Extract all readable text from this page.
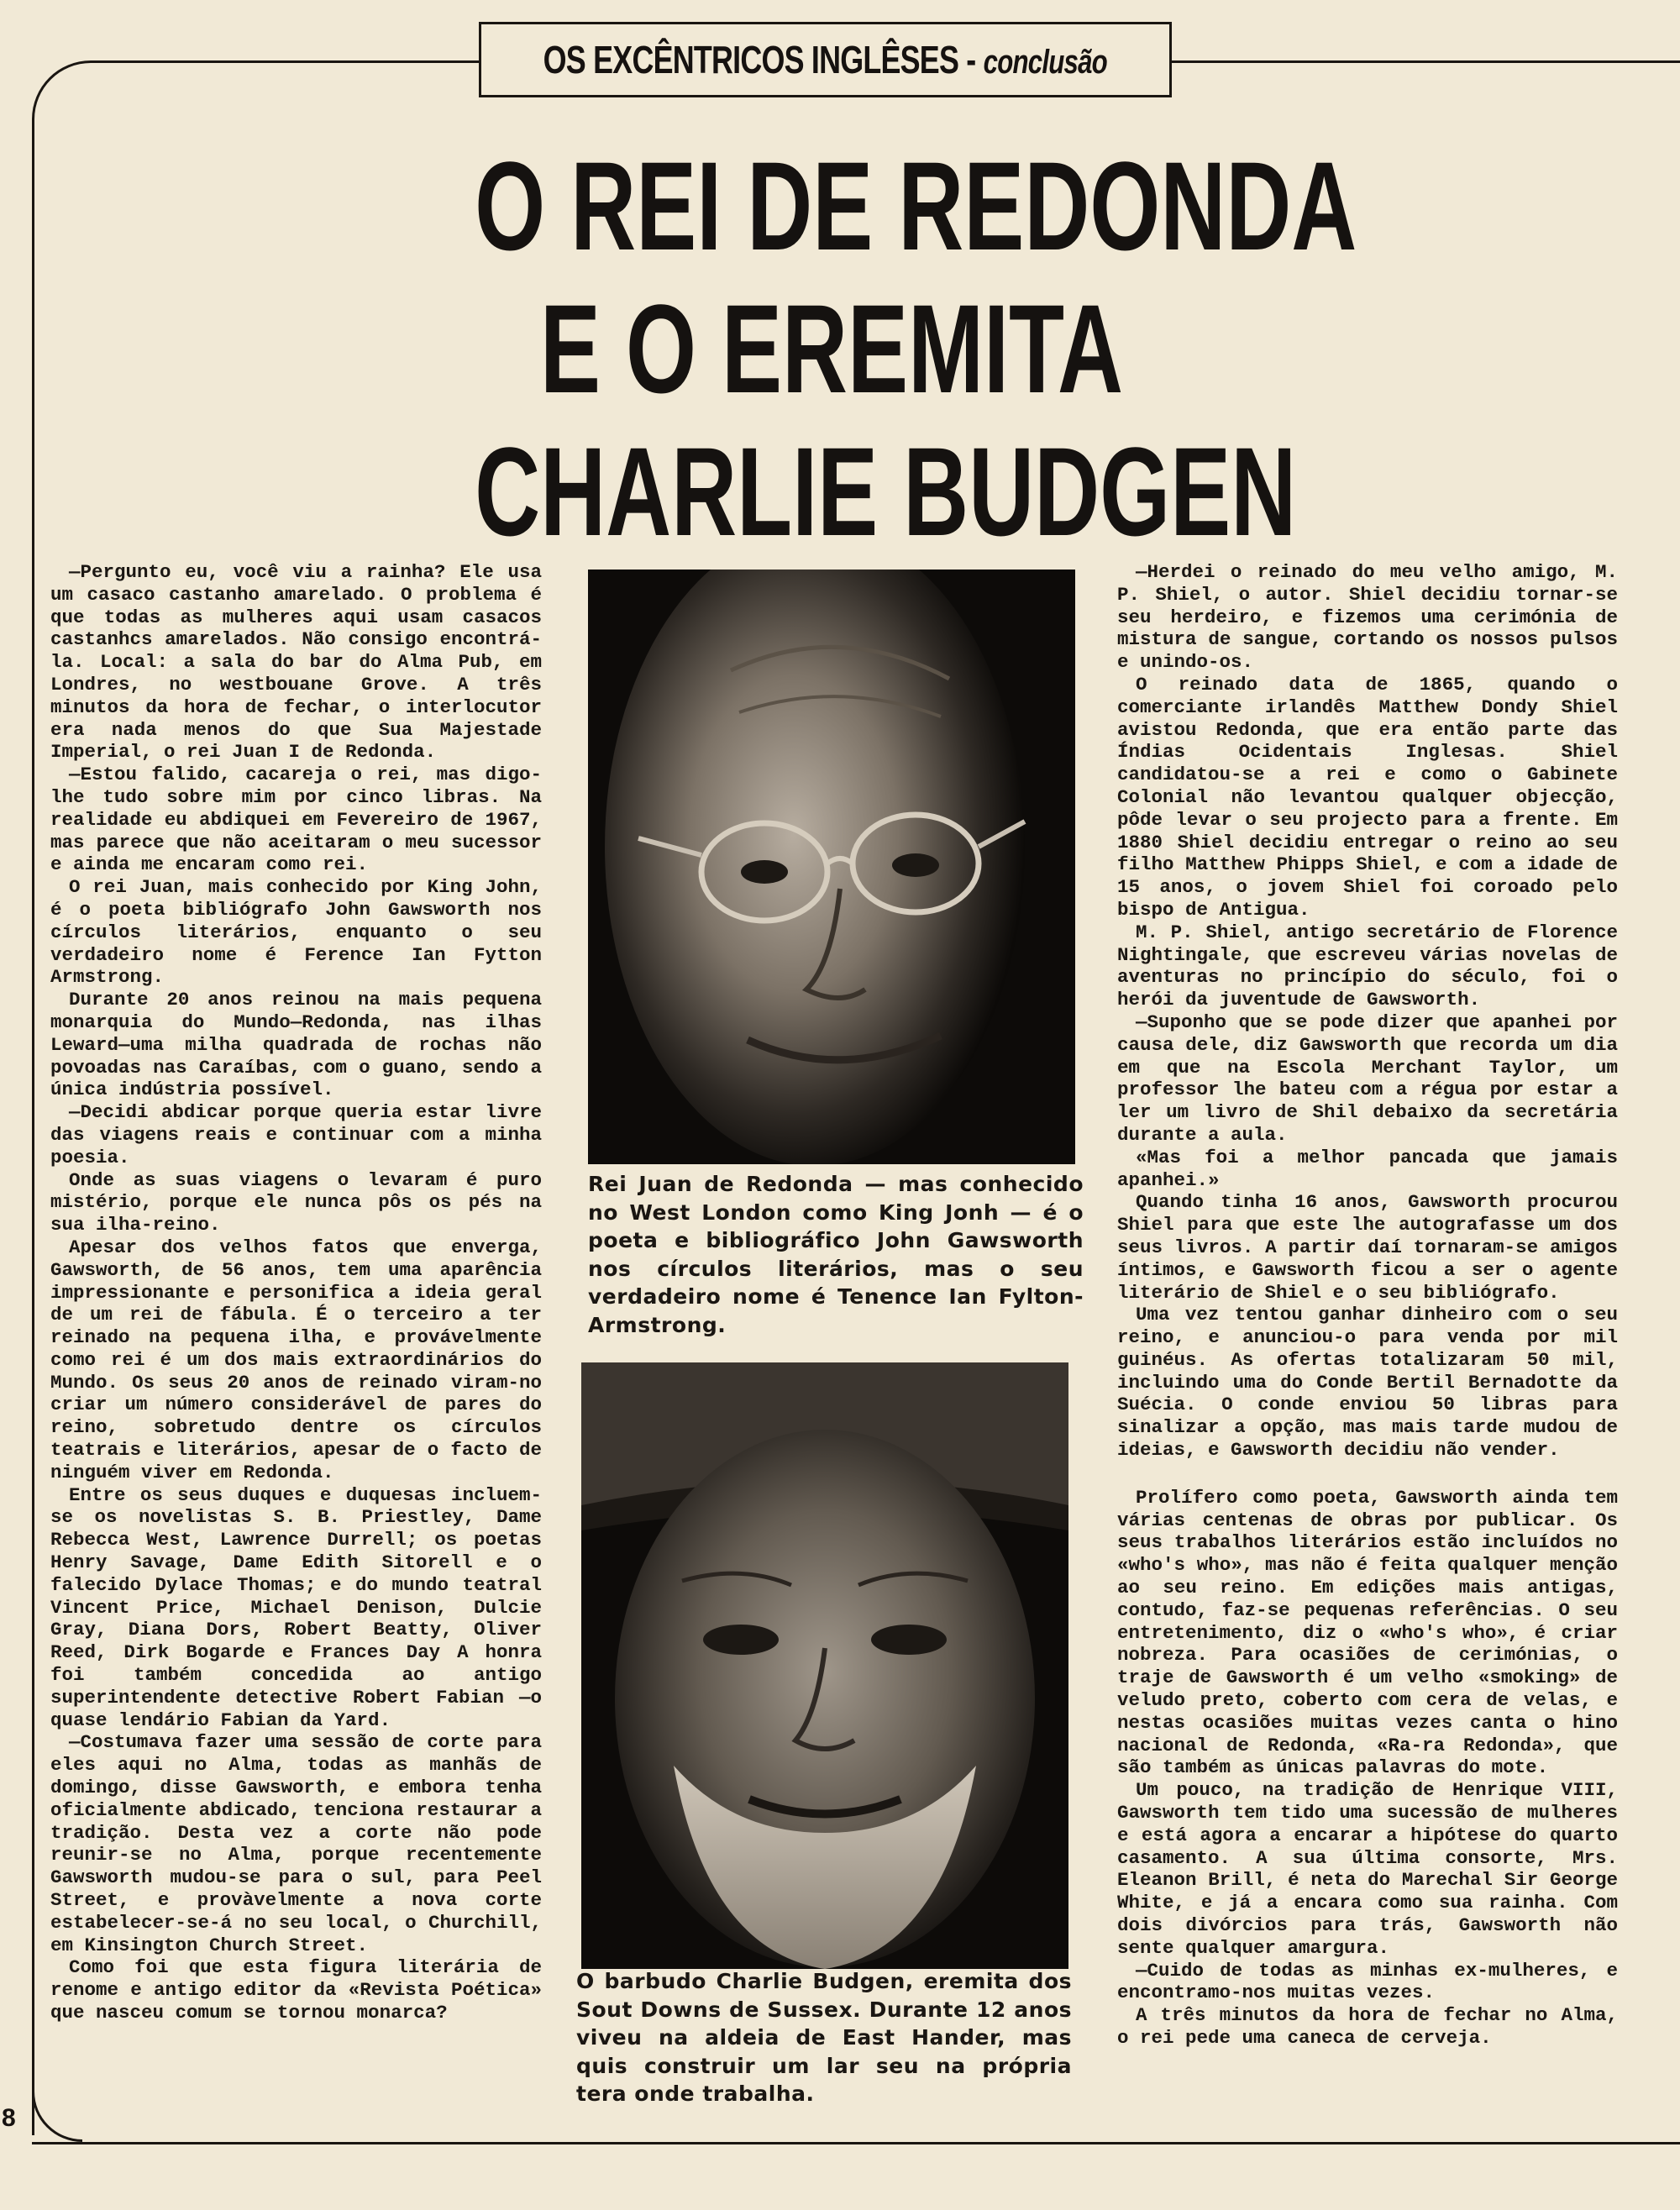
OS EXCÊNTRICOS INGLÊSES - conclusão
O REI DE REDONDA
E O EREMITA
CHARLIE BUDGEN

—Pergunto eu, você viu a rainha? Ele usa um casaco castanho amarelado. O problema é que todas as mulheres aqui usam casacos castanhcs amarelados. Não consigo encontrá-la. Local: a sala do bar do Alma Pub, em Londres, no westbouane Grove. A três minutos da hora de fechar, o interlocutor era nada menos do que Sua Majestade Imperial, o rei Juan I de Redonda.

—Estou falido, cacareja o rei, mas digo-lhe tudo sobre mim por cinco libras. Na realidade eu abdiquei em Fevereiro de 1967, mas parece que não aceitaram o meu sucessor e ainda me encaram como rei.

O rei Juan, mais conhecido por King John, é o poeta bibliógrafo John Gawsworth nos círculos literários, enquanto o seu verdadeiro nome é Ference Ian Fytton Armstrong.

Durante 20 anos reinou na mais pequena monarquia do Mundo—Redonda, nas ilhas Leward—uma milha quadrada de rochas não povoadas nas Caraíbas, com o guano, sendo a única indústria possível.

—Decidi abdicar porque queria estar livre das viagens reais e continuar com a minha poesia.

Onde as suas viagens o levaram é puro mistério, porque ele nunca pôs os pés na sua ilha-reino.

Apesar dos velhos fatos que enverga, Gawsworth, de 56 anos, tem uma aparência impressionante e personifica a ideia geral de um rei de fábula. É o terceiro a ter reinado na pequena ilha, e provávelmente como rei é um dos mais extraordinários do Mundo. Os seus 20 anos de reinado viram-no criar um número considerável de pares do reino, sobretudo dentre os círculos teatrais e literários, apesar de o facto de ninguém viver em Redonda.

Entre os seus duques e duquesas incluem-se os novelistas S. B. Priestley, Dame Rebecca West, Lawrence Durrell; os poetas Henry Savage, Dame Edith Sitorell e o falecido Dylace Thomas; e do mundo teatral Vincent Price, Michael Denison, Dulcie Gray, Diana Dors, Robert Beatty, Oliver Reed, Dirk Bogarde e Frances Day A honra foi também concedida ao antigo superintendente detective Robert Fabian —o quase lendário Fabian da Yard.

—Costumava fazer uma sessão de corte para eles aqui no Alma, todas as manhãs de domingo, disse Gawsworth, e embora tenha oficialmente abdicado, tenciona restaurar a tradição. Desta vez a corte não pode reunir-se no Alma, porque recentemente Gawsworth mudou-se para o sul, para Peel Street, e provàvelmente a nova corte estabelecer-se-á no seu local, o Churchill, em Kinsington Church Street.

Como foi que esta figura literária de renome e antigo editor da «Revista Poética» que nasceu comum se tornou monarca?

Rei Juan de Redonda — mas conhecido no West London como King Jonh — é o poeta e bibliográfico John Gawsworth nos círculos literários, mas o seu verdadeiro nome é Tenence Ian Fylton-Armstrong.
O barbudo Charlie Budgen, eremita dos Sout Downs de Sussex. Durante 12 anos viveu na aldeia de East Hander, mas quis construir um lar seu na própria tera onde trabalha.

—Herdei o reinado do meu velho amigo, M. P. Shiel, o autor. Shiel decidiu tornar-se seu herdeiro, e fizemos uma cerimónia de mistura de sangue, cortando os nossos pulsos e unindo-os.

O reinado data de 1865, quando o comerciante irlandês Matthew Dondy Shiel avistou Redonda, que era então parte das Índias Ocidentais Inglesas. Shiel candidatou-se a rei e como o Gabinete Colonial não levantou qualquer objecção, pôde levar o seu projecto para a frente. Em 1880 Shiel decidiu entregar o reino ao seu filho Matthew Phipps Shiel, e com a idade de 15 anos, o jovem Shiel foi coroado pelo bispo de Antigua.

M. P. Shiel, antigo secretário de Florence Nightingale, que escreveu várias novelas de aventuras no princípio do século, foi o herói da juventude de Gawsworth.

—Suponho que se pode dizer que apanhei por causa dele, diz Gawsworth que recorda um dia em que na Escola Merchant Taylor, um professor lhe bateu com a régua por estar a ler um livro de Shil debaixo da secretária durante a aula.

«Mas foi a melhor pancada que jamais apanhei.»

Quando tinha 16 anos, Gawsworth procurou Shiel para que este lhe autografasse um dos seus livros. A partir daí tornaram-se amigos íntimos, e Gawsworth ficou a ser o agente literário de Shiel e o seu bibliógrafo.

Uma vez tentou ganhar dinheiro com o seu reino, e anunciou-o para venda por mil guinéus. As ofertas totalizaram 50 mil, incluindo uma do Conde Bertil Bernadotte da Suécia. O conde enviou 50 libras para sinalizar a opção, mas mais tarde mudou de ideias, e Gawsworth decidiu não vender.

Prolífero como poeta, Gawsworth ainda tem várias centenas de obras por publicar. Os seus trabalhos literários estão incluídos no «who's who», mas não é feita qualquer menção ao seu reino. Em edições mais antigas, contudo, faz-se pequenas referências. O seu entretenimento, diz o «who's who», é criar nobreza. Para ocasiões de cerimónias, o traje de Gawsworth é um velho «smoking» de veludo preto, coberto com cera de velas, e nestas ocasiões muitas vezes canta o hino nacional de Redonda, «Ra-ra Redonda», que são também as únicas palavras do mote.

Um pouco, na tradição de Henrique VIII, Gawsworth tem tido uma sucessão de mulheres e está agora a encarar a hipótese do quarto casamento. A sua última consorte, Mrs. Eleanon Brill, é neta do Marechal Sir George White, e já a encara como sua rainha. Com dois divórcios para trás, Gawsworth não sente qualquer amargura.

—Cuido de todas as minhas ex-mulheres, e encontramo-nos muitas vezes.

A três minutos da hora de fechar no Alma, o rei pede uma caneca de cerveja.

8
